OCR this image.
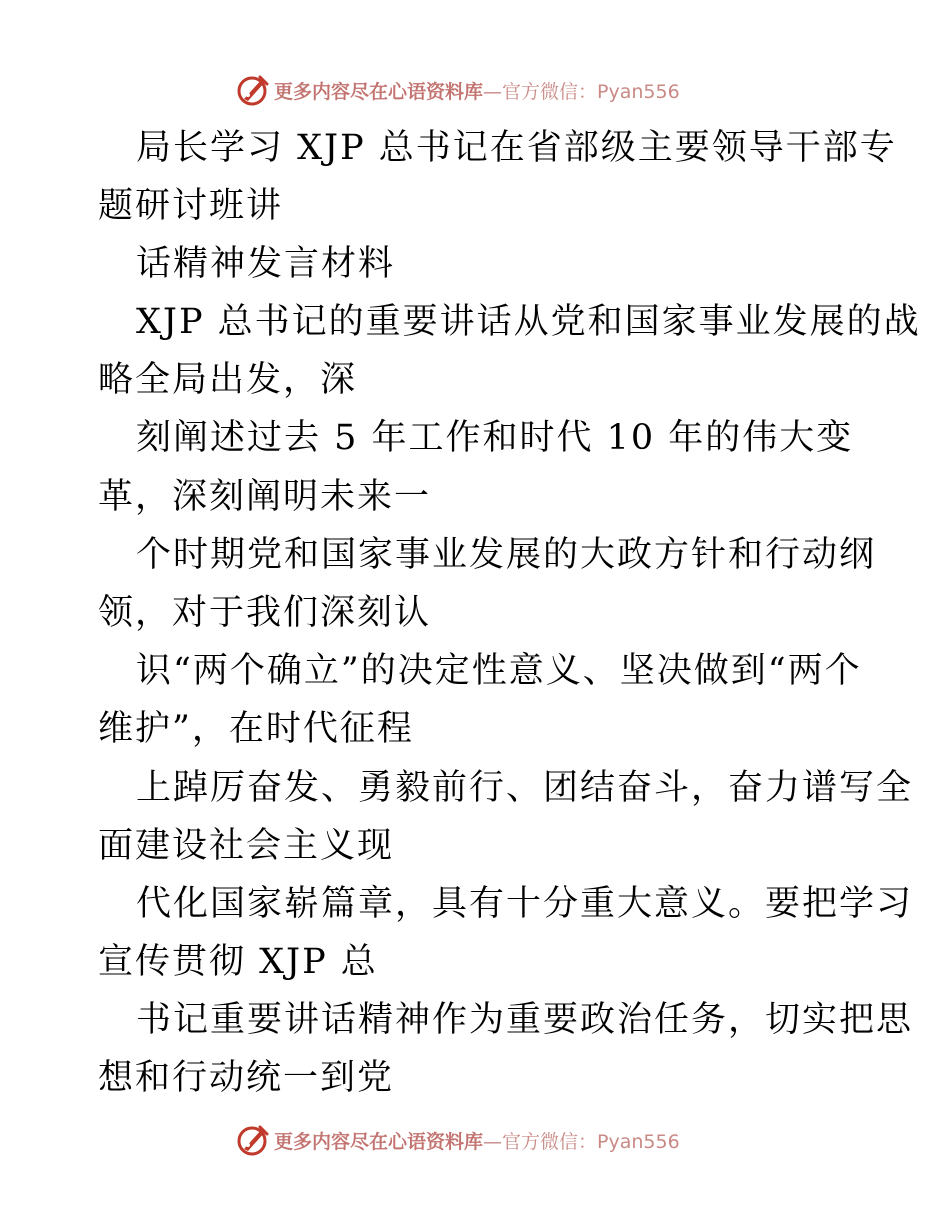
更多内容尽在心语资料库—官方微信：Pyan556

局长学习 XJP 总书记在省部级主要领导干部专

题研讨班讲

话精神发言材料

XJP 总书记的重要讲话从党和国家事业发展的战

略全局出发，深

刻阐述过去 5 年工作和时代 10 年的伟大变

革，深刻阐明未来一

个时期党和国家事业发展的大政方针和行动纲

领，对于我们深刻认

识“两个确立”的决定性意义、坚决做到“两个

维护”，在时代征程

上踔厉奋发、勇毅前行、团结奋斗，奋力谱写全

面建设社会主义现

代化国家崭篇章，具有十分重大意义。要把学习

宣传贯彻 XJP 总

书记重要讲话精神作为重要政治任务，切实把思

想和行动统一到党

更多内容尽在心语资料库—官方微信：Pyan556
